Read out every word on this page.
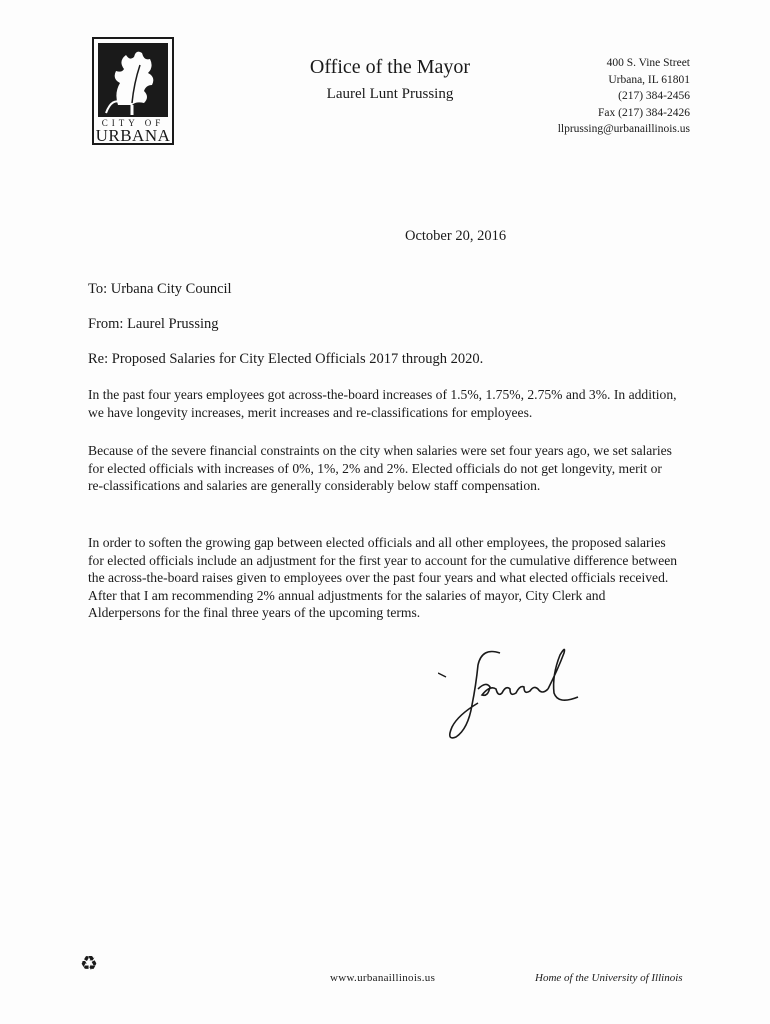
CITY OF
URBANA
Office of the Mayor
Laurel Lunt Prussing
400 S. Vine Street
Urbana, IL 61801
(217) 384-2456
Fax (217) 384-2426
llprussing@urbanaillinois.us
October 20, 2016
To: Urbana City Council
From: Laurel Prussing
Re: Proposed Salaries for City Elected Officials 2017 through 2020.
In the past four years employees got across-the-board increases of 1.5%, 1.75%, 2.75% and 3%. In addition, we have longevity increases, merit increases and re-classifications for employees.
Because of the severe financial constraints on the city when salaries were set four years ago, we set salaries for elected officials with increases of 0%, 1%, 2% and 2%. Elected officials do not get longevity, merit or re-classifications and salaries are generally considerably below staff compensation.
In order to soften the growing gap between elected officials and all other employees, the proposed salaries for elected officials include an adjustment for the first year to account for the cumulative difference between the across-the-board raises given to employees over the past four years and what elected officials received. After that I am recommending 2% annual adjustments for the salaries of mayor, City Clerk and Alderpersons for the final three years of the upcoming terms.
♻
www.urbanaillinois.us	Home of the University of Illinois
